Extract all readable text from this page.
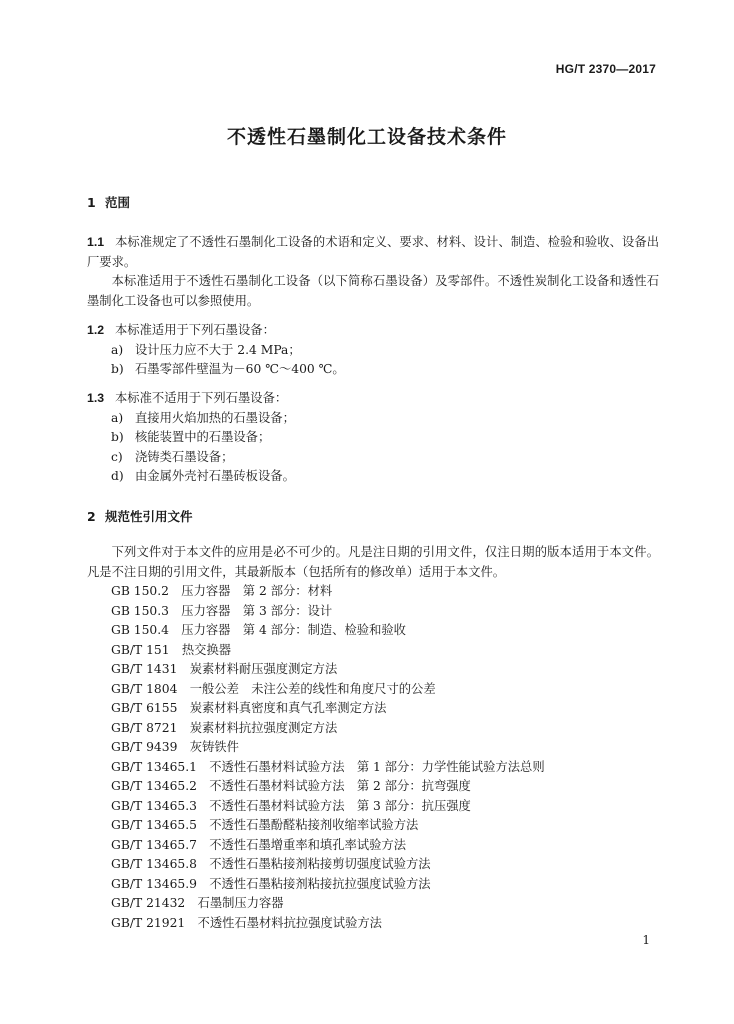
HG/T 2370—2017
不透性石墨制化工设备技术条件
1 范围
1.1 本标准规定了不透性石墨制化工设备的术语和定义、要求、材料、设计、制造、检验和验收、设备出厂要求。
本标准适用于不透性石墨制化工设备（以下简称石墨设备）及零部件。不透性炭制化工设备和透性石墨制化工设备也可以参照使用。
1.2 本标准适用于下列石墨设备：
a) 设计压力应不大于 2.4 MPa；
b) 石墨零部件壁温为－60 ℃～400 ℃。
1.3 本标准不适用于下列石墨设备：
a) 直接用火焰加热的石墨设备；
b) 核能装置中的石墨设备；
c) 浇铸类石墨设备；
d) 由金属外壳衬石墨砖板设备。
2 规范性引用文件
下列文件对于本文件的应用是必不可少的。凡是注日期的引用文件，仅注日期的版本适用于本文件。凡是不注日期的引用文件，其最新版本（包括所有的修改单）适用于本文件。
GB 150.2　压力容器　第 2 部分：材料
GB 150.3　压力容器　第 3 部分：设计
GB 150.4　压力容器　第 4 部分：制造、检验和验收
GB/T 151　热交换器
GB/T 1431　炭素材料耐压强度测定方法
GB/T 1804　一般公差　未注公差的线性和角度尺寸的公差
GB/T 6155　炭素材料真密度和真气孔率测定方法
GB/T 8721　炭素材料抗拉强度测定方法
GB/T 9439　灰铸铁件
GB/T 13465.1　不透性石墨材料试验方法　第 1 部分：力学性能试验方法总则
GB/T 13465.2　不透性石墨材料试验方法　第 2 部分：抗弯强度
GB/T 13465.3　不透性石墨材料试验方法　第 3 部分：抗压强度
GB/T 13465.5　不透性石墨酚醛粘接剂收缩率试验方法
GB/T 13465.7　不透性石墨增重率和填孔率试验方法
GB/T 13465.8　不透性石墨粘接剂粘接剪切强度试验方法
GB/T 13465.9　不透性石墨粘接剂粘接抗拉强度试验方法
GB/T 21432　石墨制压力容器
GB/T 21921　不透性石墨材料抗拉强度试验方法
1
